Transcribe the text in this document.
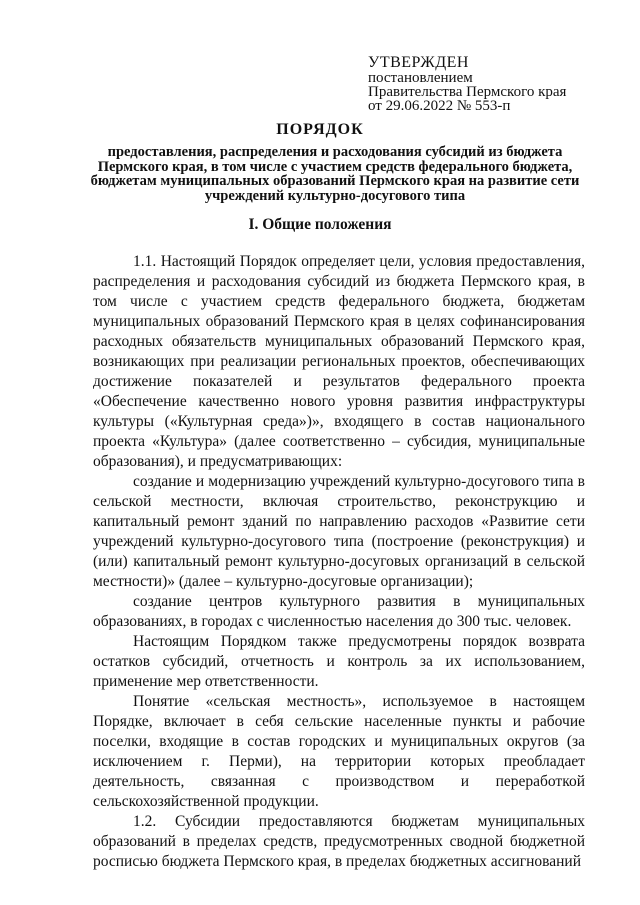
УТВЕРЖДЕН
постановлением
Правительства Пермского края
от 29.06.2022 № 553-п
ПОРЯДОК
предоставления, распределения и расходования субсидий из бюджета Пермского края, в том числе с участием средств федерального бюджета, бюджетам муниципальных образований Пермского края на развитие сети учреждений культурно-досугового типа
I. Общие положения

1.1. Настоящий Порядок определяет цели, условия предоставления, распределения и расходования субсидий из бюджета Пермского края, в том числе с участием средств федерального бюджета, бюджетам муниципальных образований Пермского края в целях софинансирования расходных обязательств муниципальных образований Пермского края, возникающих при реализации региональных проектов, обеспечивающих достижение показателей и результатов федерального проекта «Обеспечение качественно нового уровня развития инфраструктуры культуры («Культурная среда»)», входящего в состав национального проекта «Культура» (далее соответственно – субсидия, муниципальные образования), и предусматривающих:

создание и модернизацию учреждений культурно-досугового типа в сельской местности, включая строительство, реконструкцию и капитальный ремонт зданий по направлению расходов «Развитие сети учреждений культурно-досугового типа (построение (реконструкция) и (или) капитальный ремонт культурно-досуговых организаций в сельской местности)» (далее – культурно-досуговые организации);

создание центров культурного развития в муниципальных образованиях, в городах с численностью населения до 300 тыс. человек.

Настоящим Порядком также предусмотрены порядок возврата остатков субсидий, отчетность и контроль за их использованием, применение мер ответственности.

Понятие «сельская местность», используемое в настоящем Порядке, включает в себя сельские населенные пункты и рабочие поселки, входящие в состав городских и муниципальных округов (за исключением г. Перми), на территории которых преобладает деятельность, связанная с производством и переработкой сельскохозяйственной продукции.

1.2. Субсидии предоставляются бюджетам муниципальных образований в пределах средств, предусмотренных сводной бюджетной росписью бюджета Пермского края, в пределах бюджетных ассигнований
